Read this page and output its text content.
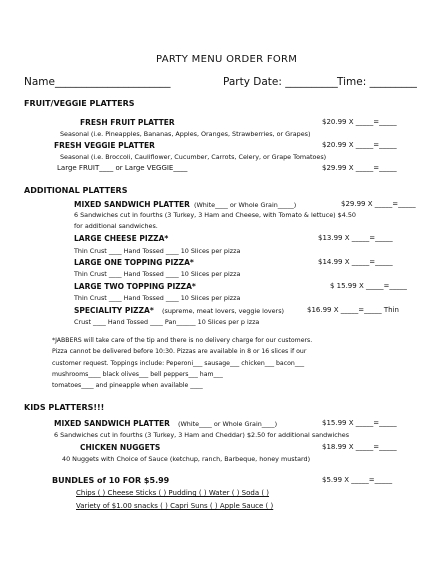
PARTY MENU ORDER FORM
Name______________________	Party Date: __________ Time: _________
FRUIT/VEGGIE PLATTERS
FRESH FRUIT PLATTER	$20.99 X _____=_____
Seasonal (i.e. Pineapples, Bananas, Apples, Oranges, Strawberries, or Grapes)
FRESH VEGGIE PLATTER	$20.99 X _____=_____
Seasonal (i.e. Broccoli, Cauliflower, Cucumber, Carrots, Celery, or Grape Tomatoes)
Large FRUIT____ or Large VEGGIE____	$29.99 X _____=_____
ADDITIONAL PLATTERS
MIXED SANDWICH PLATTER (White____ or Whole Grain_____)	$29.99 X _____=_____
6 Sandwiches cut in fourths (3 Turkey, 3 Ham and Cheese, with Tomato & lettuce) $4.50
for additional sandwiches.
LARGE CHEESE PIZZA*	$13.99 X _____=_____
Thin Crust ____ Hand Tossed ____ 10 Slices per pizza
LARGE ONE TOPPING PIZZA*	$14.99 X _____=_____
Thin Crust ____ Hand Tossed ____ 10 Slices per pizza
LARGE TWO TOPPING PIZZA*	$ 15.99 X _____=_____
Thin Crust ____ Hand Tossed ____ 10 Slices per pizza
SPECIALITY PIZZA* (supreme, meat lovers, veggie lovers)	$16.99 X _____=_____ Thin
Crust ____ Hand Tossed ____ Pan______ 10 Slices per p izza
*JABBERS will take care of the tip and there is no delivery charge for our customers.
Pizza cannot be delivered before 10:30. Pizzas are available in 8 or 16 slices if our
customer request. Toppings include: Peperoni___ sausage___ chicken___ bacon___
mushrooms____ black olives___ bell peppers___ ham___
tomatoes____ and pineapple when available ____
KIDS PLATTERS!!!
MIXED SANDWICH PLATTER (White____ or Whole Grain____)	$15.99 X _____=_____
6 Sandwiches cut in fourths (3 Turkey, 3 Ham and Cheddar) $2.50 for additional sandwiches
CHICKEN NUGGETS	$18.99 X _____=_____
40 Nuggets with Choice of Sauce (ketchup, ranch, Barbeque, honey mustard)
BUNDLES of 10 FOR $5.99	$5.99 X _____=_____
Chips ( ) Cheese Sticks ( ) Pudding ( ) Water ( ) Soda ( )
Variety of $1.00 snacks ( ) Capri Suns ( ) Apple Sauce ( )
